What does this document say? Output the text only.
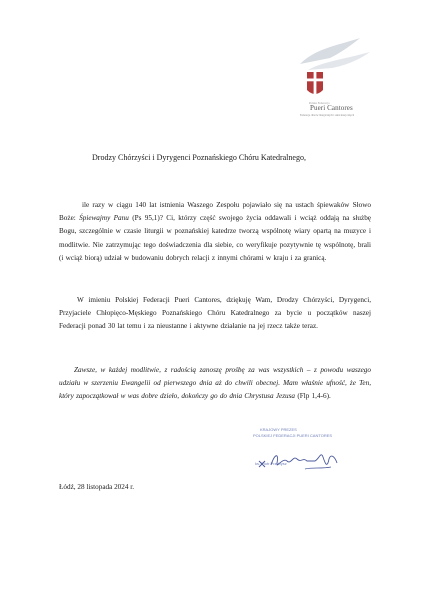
Polska Federacja
Pueri Cantores
Federacja chórów liturgicznych i szkół muzycznych
Drodzy Chórzyści i Dyrygenci Poznańskiego Chóru Katedralnego,
ile razy w ciągu 140 lat istnienia Waszego Zespołu pojawiało się na ustach śpiewaków Słowo Boże: Śpiewajmy Panu (Ps 95,1)? Ci, którzy część swojego życia oddawali i wciąż oddają na służbę Bogu, szczególnie w czasie liturgii w poznańskiej katedrze tworzą wspólnotę wiary opartą na muzyce i modlitwie. Nie zatrzymując tego doświadczenia dla siebie, co weryfikuje pozytywnie tę wspólnotę, brali (i wciąż biorą) udział w budowaniu dobrych relacji z innymi chórami w kraju i za granicą.
W imieniu Polskiej Federacji Pueri Cantores, dziękuję Wam, Drodzy Chórzyści, Dyrygenci, Przyjaciele Chłopięco-Męskiego Poznańskiego Chóru Katedralnego za bycie u początków naszej Federacji ponad 30 lat temu i za nieustanne i aktywne działanie na jej rzecz także teraz.
Zawsze, w każdej modlitwie, z radością zanoszę prośbę za was wszystkich – z powodu waszego udziału w szerzeniu Ewangelii od pierwszego dnia aż do chwili obecnej. Mam właśnie ufność, że Ten, który zapoczątkował w was dobre dzieło, dokończy go do dnia Chrystusa Jezusa (Flp 1,4-6).
KRAJOWY PREZES
POLSKIEJ FEDERACJI PUERI CANTORES
ks. Piotr Przybysz
Łódź, 28 listopada 2024 r.
